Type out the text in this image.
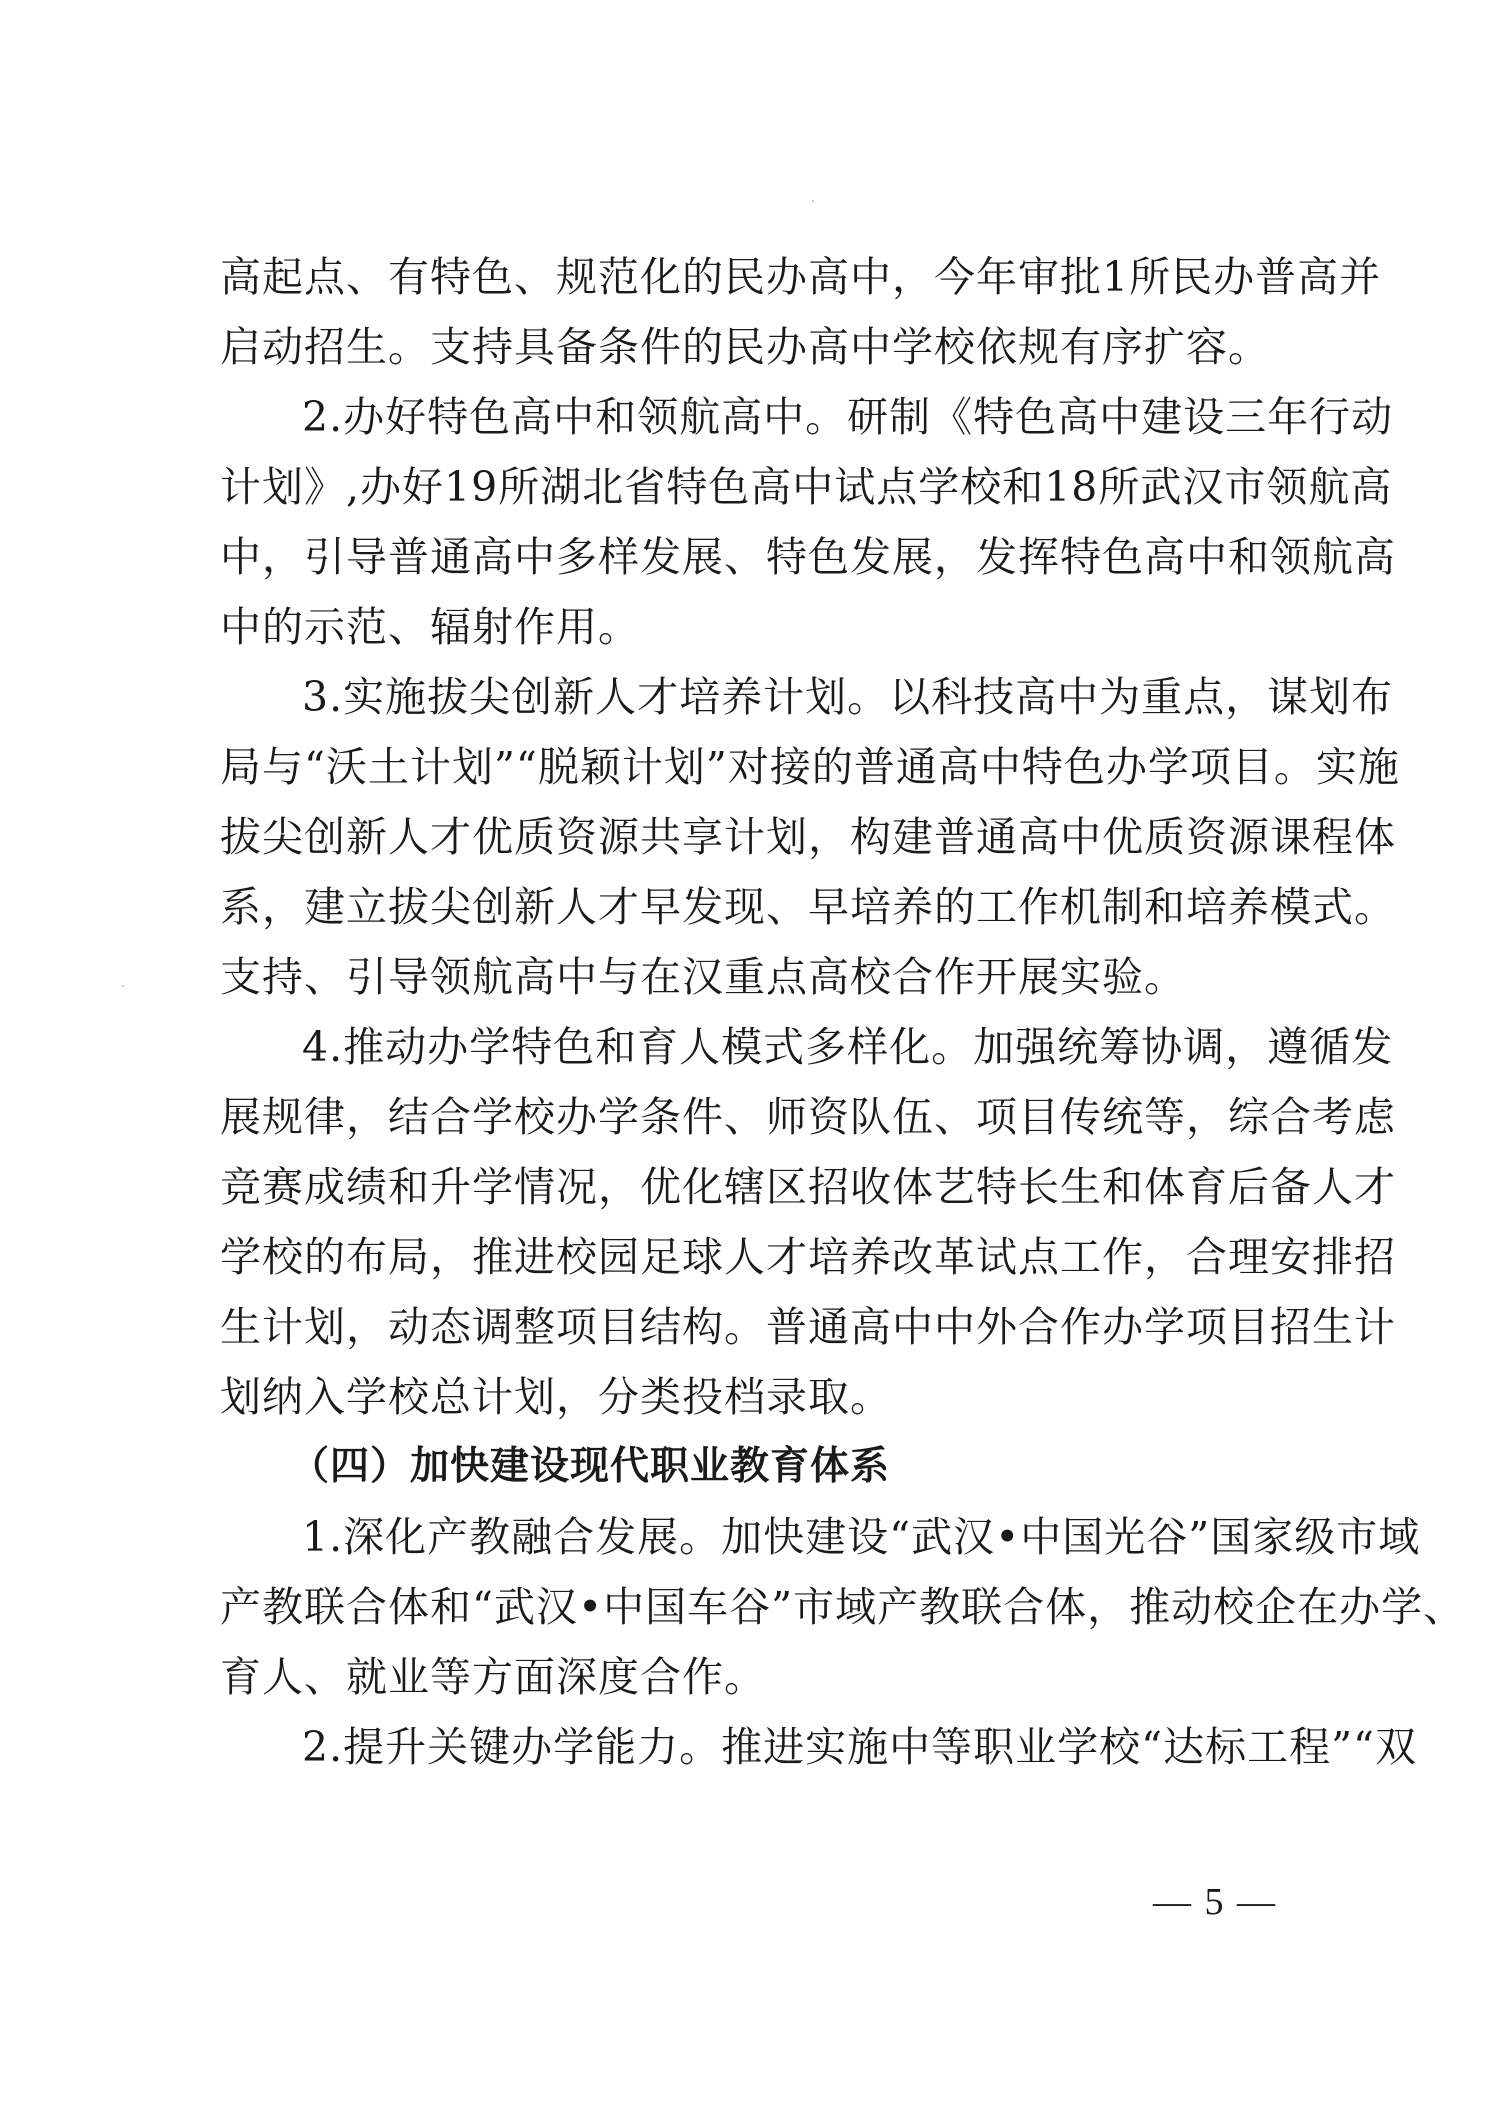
高起点、有特色、规范化的民办高中，今年审批1所民办普高并
启动招生。支持具备条件的民办高中学校依规有序扩容。
2.办好特色高中和领航高中。研制《特色高中建设三年行动
计划》,办好19所湖北省特色高中试点学校和18所武汉市领航高
中，引导普通高中多样发展、特色发展，发挥特色高中和领航高
中的示范、辐射作用。
3.实施拔尖创新人才培养计划。以科技高中为重点，谋划布
局与“沃土计划”“脱颖计划”对接的普通高中特色办学项目。实施
拔尖创新人才优质资源共享计划，构建普通高中优质资源课程体
系，建立拔尖创新人才早发现、早培养的工作机制和培养模式。
支持、引导领航高中与在汉重点高校合作开展实验。
4.推动办学特色和育人模式多样化。加强统筹协调，遵循发
展规律，结合学校办学条件、师资队伍、项目传统等，综合考虑
竞赛成绩和升学情况，优化辖区招收体艺特长生和体育后备人才
学校的布局，推进校园足球人才培养改革试点工作，合理安排招
生计划，动态调整项目结构。普通高中中外合作办学项目招生计
划纳入学校总计划，分类投档录取。
（四）加快建设现代职业教育体系
1.深化产教融合发展。加快建设“武汉•中国光谷”国家级市域
产教联合体和“武汉•中国车谷”市域产教联合体，推动校企在办学、
育人、就业等方面深度合作。
2.提升关键办学能力。推进实施中等职业学校“达标工程”“双
— 5 —
